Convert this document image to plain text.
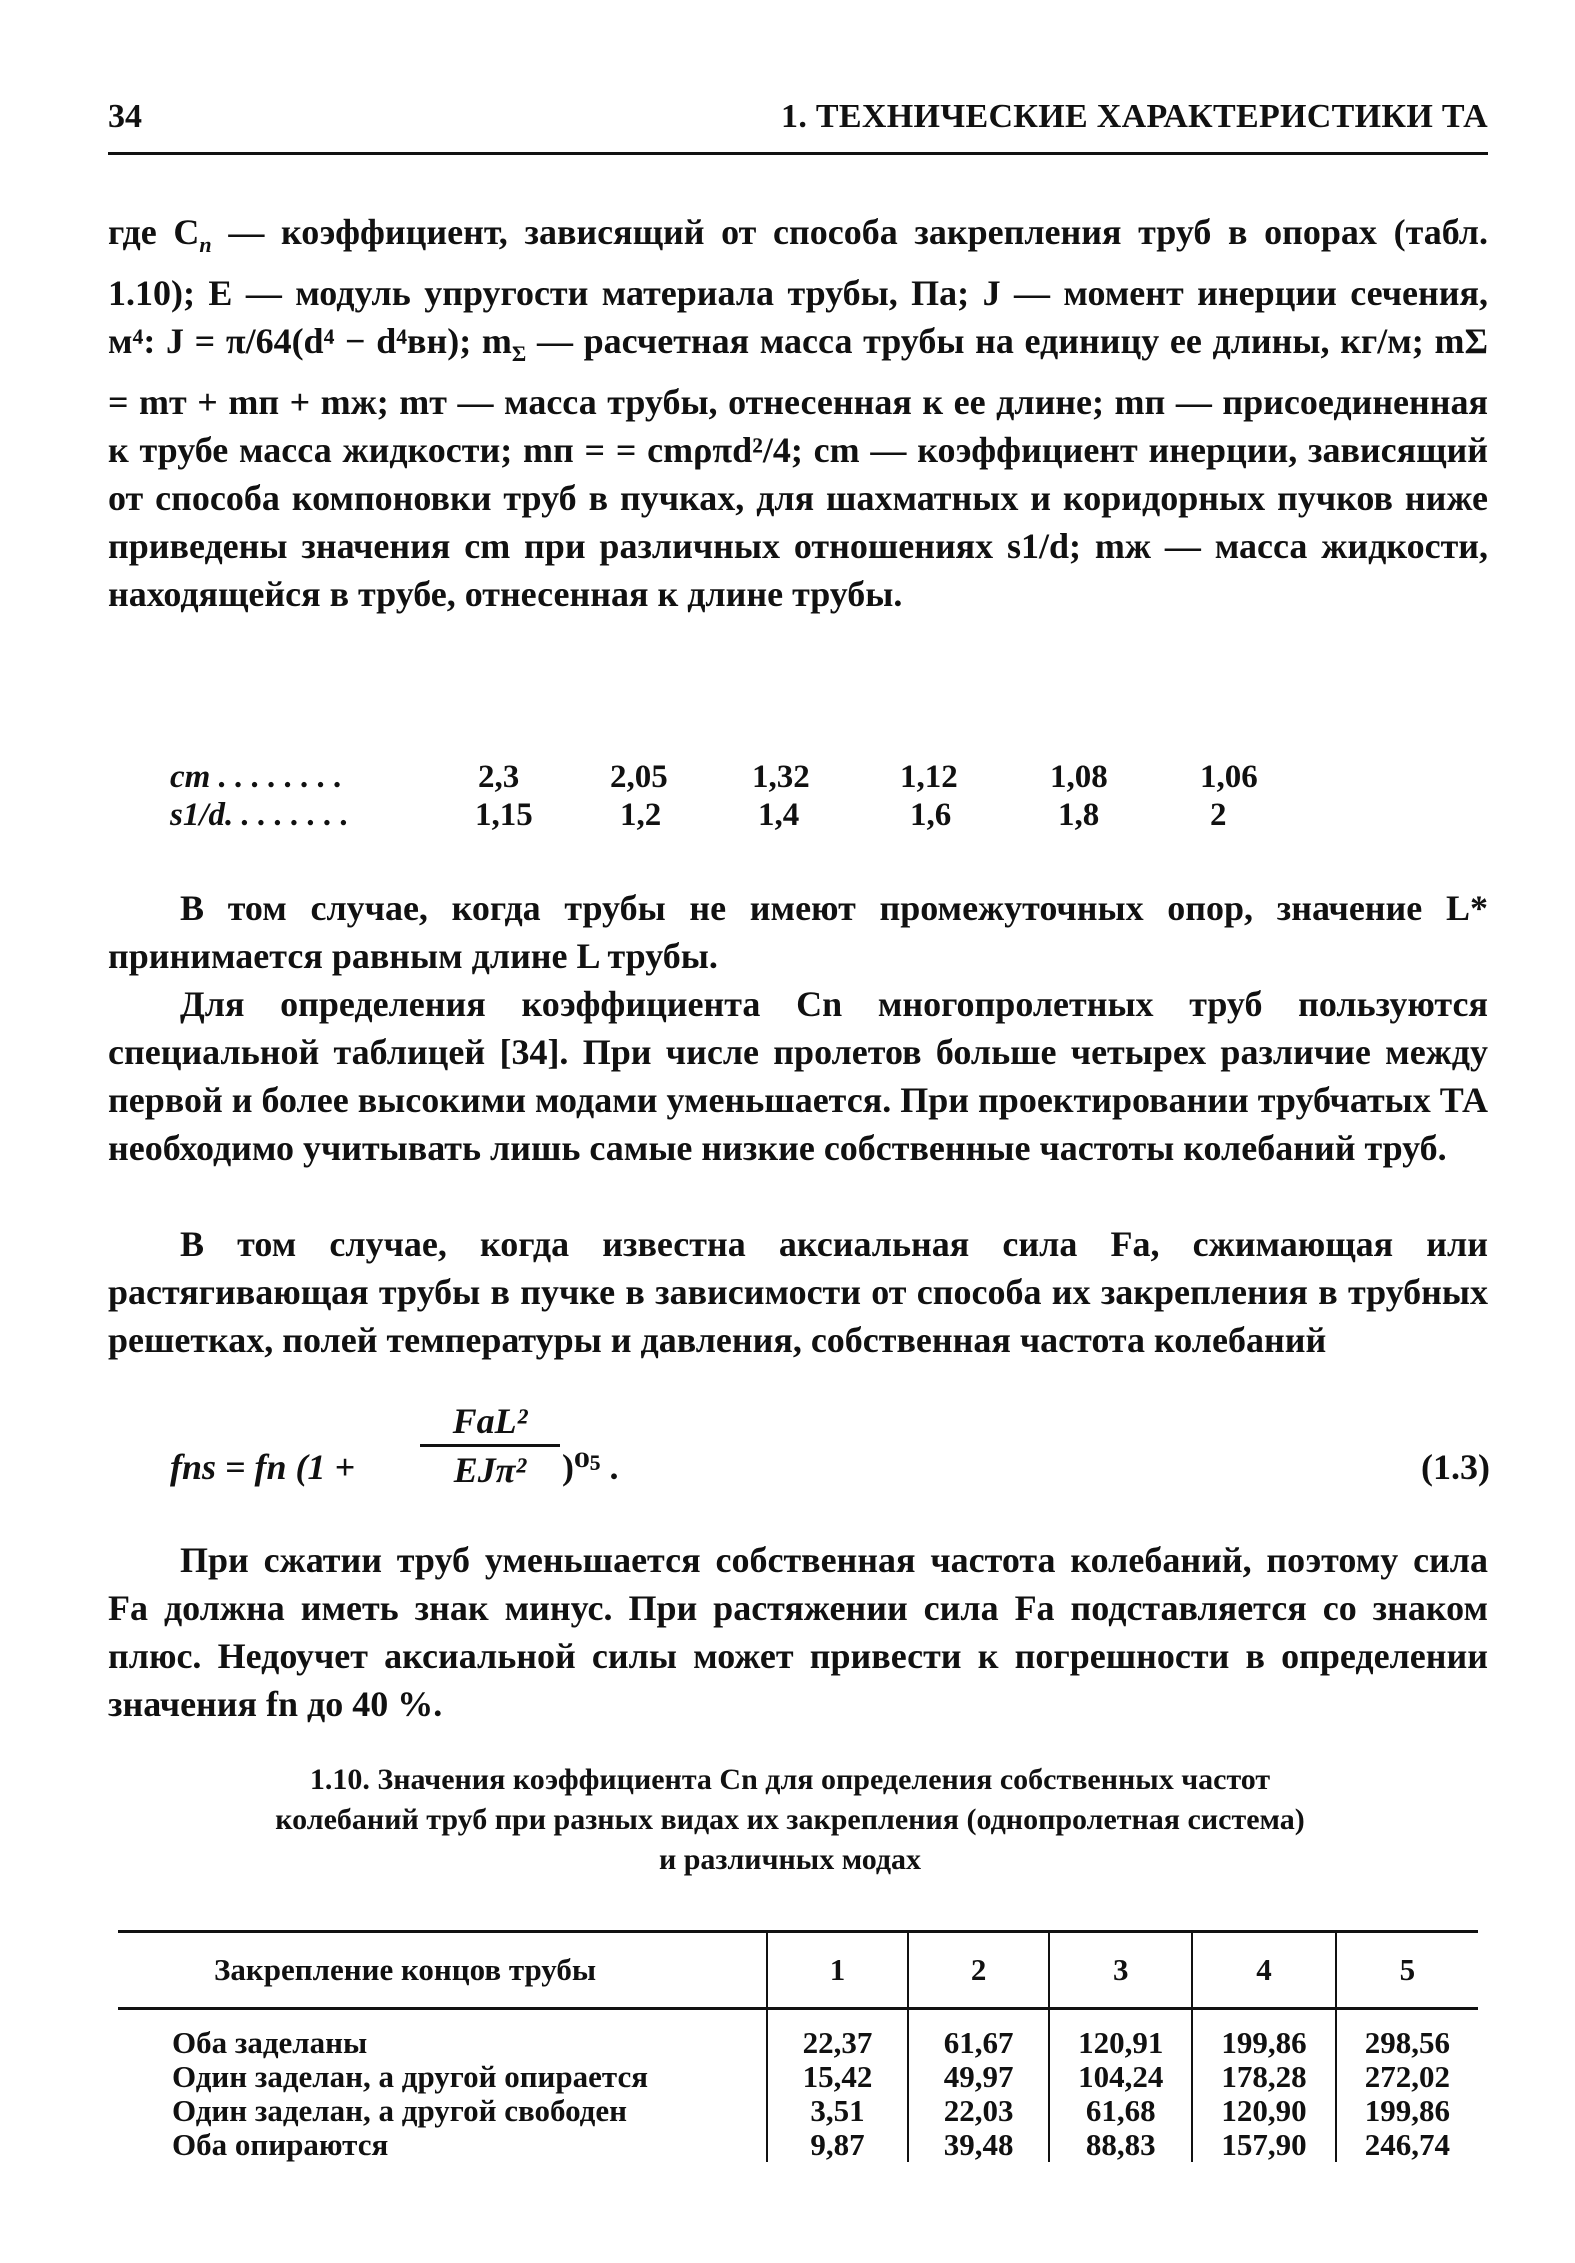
34	1. ТЕХНИЧЕСКИЕ ХАРАКТЕРИСТИКИ ТА

где $C_n$ — коэффициент, зависящий от способа закрепления труб в опорах (табл. 1.10); E — модуль упругости материала трубы, Па; J — момент инерции сечения, м⁴: J = π/64(d⁴ − d⁴вн); $m_\Sigma$ — расчетная масса трубы на единицу ее длины, кг/м; mΣ = mт + mп + mж; mт — масса трубы, отнесенная к ее длине; mп — присоединенная к трубе масса жидкости; mп = = cmρπd²/4; cm — коэффициент инерции, зависящий от способа компоновки труб в пучках, для шахматных и коридорных пучков ниже приведены значения cm при различных отношениях s1/d; mж — масса жидкости, находящейся в трубе, отнесенная к длине трубы.

cm . . . . . . . .	2,3	2,05	1,32	1,12	1,08	1,06
s1/d. . . . . . . .	1,15	1,2	1,4	1,6	1,8	2

В том случае, когда трубы не имеют промежуточных опор, значение L* принимается равным длине L трубы.

Для определения коэффициента Cn многопролетных труб пользуются специальной таблицей [34]. При числе пролетов больше четырех различие между первой и более высокими модами уменьшается. При проектировании трубчатых ТА необходимо учитывать лишь самые низкие собственные частоты колебаний труб.

В том случае, когда известна аксиальная сила Fa, сжимающая или растягивающая трубы в пучке в зависимости от способа их закрепления в трубных решетках, полей температуры и давления, собственная частота колебаний

fns = fn (1 +
FaL²
EJπ² )⁰⁵ .	(1.3)

При сжатии труб уменьшается собственная частота колебаний, поэтому сила Fa должна иметь знак минус. При растяжении сила Fa подставляется со знаком плюс. Недоучет аксиальной силы может привести к погрешности в определении значения fn до 40 %.

1.10. Значения коэффициента Cn для определения собственных частот
колебаний труб при разных видах их закрепления (однопролетная система)
и различных модах
Закрепление концов трубы	1	2	3	4	5
Оба заделаны	22,37	61,67	120,91	199,86	298,56
Один заделан, а другой опирается	15,42	49,97	104,24	178,28	272,02
Один заделан, а другой свободен	3,51	22,03	61,68	120,90	199,86
Оба опираются	9,87	39,48	88,83	157,90	246,74
